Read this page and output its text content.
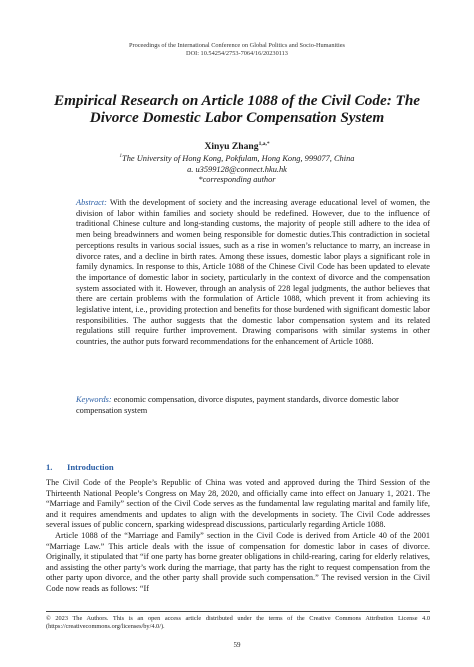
Proceedings of the International Conference on Global Politics and Socio-Humanities
DOI: 10.54254/2753-7064/16/20230113
Empirical Research on Article 1088 of the Civil Code: The
Divorce Domestic Labor Compensation System
Xinyu Zhang$^{1,a,*}$
$^1$The University of Hong Kong, Pokfulam, Hong Kong, 999077, China
a. u3599128@connect.hku.hk
*corresponding author

Abstract: With the development of society and the increasing average educational level of women, the division of labor within families and society should be redefined. However, due to the influence of traditional Chinese culture and long-standing customs, the majority of people still adhere to the idea of men being breadwinners and women being responsible for domestic duties.This contradiction in societal perceptions results in various social issues, such as a rise in women’s reluctance to marry, an increase in divorce rates, and a decline in birth rates. Among these issues, domestic labor plays a significant role in family dynamics. In response to this, Article 1088 of the Chinese Civil Code has been updated to elevate the importance of domestic labor in society, particularly in the context of divorce and the compensation system associated with it. However, through an analysis of 228 legal judgments, the author believes that there are certain problems with the formulation of Article 1088, which prevent it from achieving its legislative intent, i.e., providing protection and benefits for those burdened with significant domestic labor responsibilities. The author suggests that the domestic labor compensation system and its related regulations still require further improvement. Drawing comparisons with similar systems in other countries, the author puts forward recommendations for the enhancement of Article 1088.

Keywords: economic compensation, divorce disputes, payment standards, divorce domestic labor compensation system

1. Introduction

The Civil Code of the People’s Republic of China was voted and approved during the Third Session of the Thirteenth National People’s Congress on May 28, 2020, and officially came into effect on January 1, 2021. The “Marriage and Family” section of the Civil Code serves as the fundamental law regulating marital and family life, and it requires amendments and updates to align with the developments in society. The Civil Code addresses several issues of public concern, sparking widespread discussions, particularly regarding Article 1088.

Article 1088 of the “Marriage and Family” section in the Civil Code is derived from Article 40 of the 2001 “Marriage Law.” This article deals with the issue of compensation for domestic labor in cases of divorce. Originally, it stipulated that “if one party has borne greater obligations in child-rearing, caring for elderly relatives, and assisting the other party’s work during the marriage, that party has the right to request compensation from the other party upon divorce, and the other party shall provide such compensation.” The revised version in the Civil Code now reads as follows: “If

© 2023 The Authors. This is an open access article distributed under the terms of the Creative Commons Attribution License 4.0 (https://creativecommons.org/licenses/by/4.0/).
59
